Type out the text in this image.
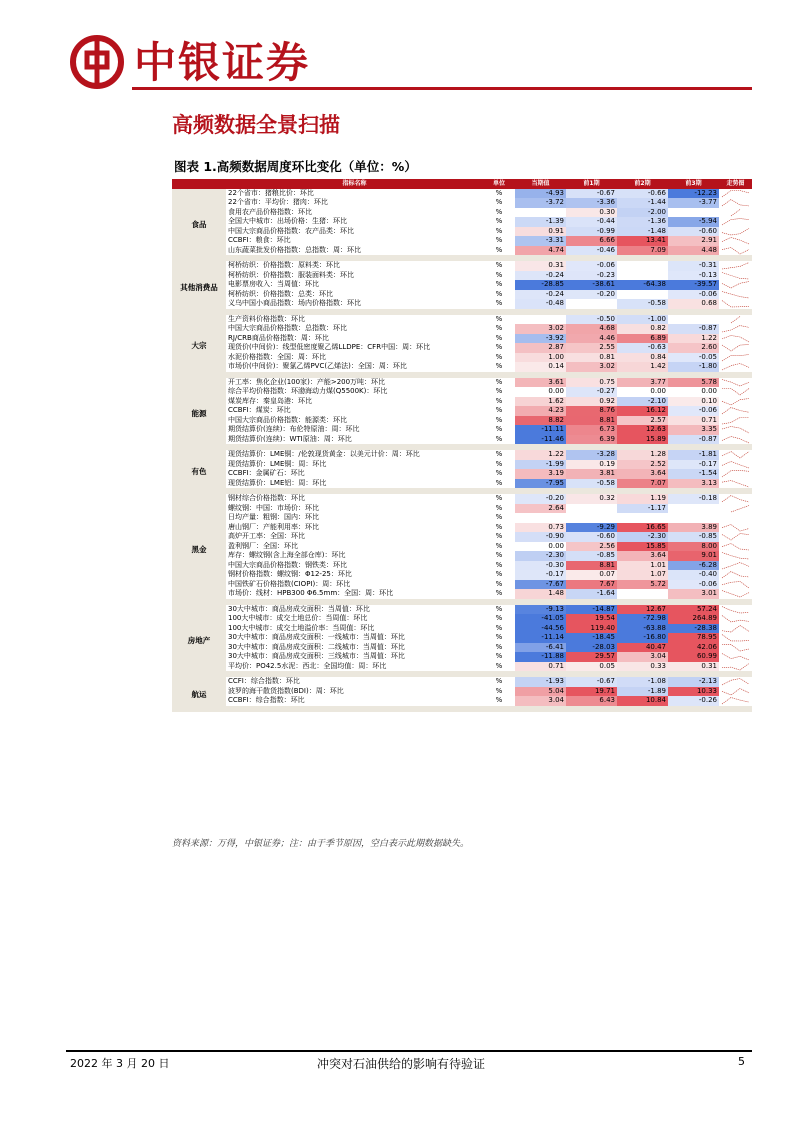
中银证券
高频数据全景扫描
图表 1.高频数据周度环比变化（单位：%）
	指标名称	单位	当期值	前1期	前2期	前3期	走势图
食品	22个省市：猪粮比价：环比	%	-4.93	-0.67	-0.66	-12.23	

	22个省市：平均价：猪肉：环比	%	-3.72	-3.36	-1.44	-3.77	

	食用农产品价格指数：环比	%		0.30	-2.00		

	全国大中城市：出场价格：生猪：环比	%	-1.39	-0.44	-1.36	-5.94	

	中国大宗商品价格指数：农产品类：环比	%	0.91	-0.99	-1.48	-0.60	

	CCBFI：粮食：环比	%	-3.31	6.66	13.41	2.91	

	山东蔬菜批发价格指数：总指数：周：环比	%	4.74	-0.46	7.09	4.48	

其他消费品	柯桥纺织：价格指数：原料类：环比	%	0.31	-0.06		-0.31	

	柯桥纺织：价格指数：服装面料类：环比	%	-0.24	-0.23		-0.13	

	电影票房收入：当周值：环比	%	-28.85	-38.61	-64.38	-39.57	

	柯桥纺织：价格指数：总类：环比	%	-0.24	-0.20		-0.06	

	义乌中国小商品指数：场内价格指数：环比	%	-0.48		-0.58	0.68	

大宗	生产资料价格指数：环比	%		-0.50	-1.00		

	中国大宗商品价格指数：总指数：环比	%	3.02	4.68	0.82	-0.87	

	RJ/CRB商品价格指数：周：环比	%	-3.92	4.46	6.89	1.22	

	现货价(中间价)：线型低密度聚乙烯LLDPE：CFR中国：周：环比	%	2.87	2.55	-0.63	2.60	

	水泥价格指数：全国：周：环比	%	1.00	0.81	0.84	-0.05	

	市场价(中间价)：聚氯乙烯PVC(乙烯法)：全国：周：环比	%	0.14	3.02	1.42	-1.80	

能源	开工率：焦化企业(100家)：产能>200万吨：环比	%	3.61	0.75	3.77	5.78	

	综合平均价格指数：环渤海动力煤(Q5500K)：环比	%	0.00	-0.27	0.00	0.00	

	煤炭库存：秦皇岛港：环比	%	1.62	0.92	-2.10	0.10	

	CCBFI：煤炭：环比	%	4.23	8.76	16.12	-0.06	

	中国大宗商品价格指数：能源类：环比	%	8.82	8.81	2.57	0.71	

	期货结算价(连续)：布伦特原油：周：环比	%	-11.11	6.73	12.63	3.35	

	期货结算价(连续)：WTI原油：周：环比	%	-11.46	6.39	15.89	-0.87	

有色	现货结算价：LME铜：/伦敦现货黄金：以美元计价：周：环比	%	1.22	-3.28	1.28	-1.81	

	现货结算价：LME铜：周：环比	%	-1.99	0.19	2.52	-0.17	

	CCBFI：金属矿石：环比	%	3.19	3.81	3.64	-1.54	

	现货结算价：LME铝：周：环比	%	-7.95	-0.58	7.07	3.13	

黑金	钢材综合价格指数：环比	%	-0.20	0.32	1.19	-0.18	

	螺纹钢：中国：市场价：环比	%	2.64		-1.17		

	日均产量：粗钢：国内：环比	%					

	唐山钢厂：产能利用率：环比	%	0.73	-9.29	16.65	3.89	

	高炉开工率：全国：环比	%	-0.90	-0.60	-2.30	-0.85	

	盈利钢厂：全国：环比	%	0.00	2.56	15.85	8.00	

	库存：螺纹钢(含上海全部仓库)：环比	%	-2.30	-0.85	3.64	9.01	

	中国大宗商品价格指数：钢铁类：环比	%	-0.30	8.81	1.01	-6.28	

	钢材价格指数：螺纹钢：Φ12-25：环比	%	-0.17	0.07	1.07	-0.40	

	中国铁矿石价格指数(CIOPI)：周：环比	%	-7.67	7.67	5.72	-0.06	

	市场价：线材：HPB300 Φ6.5mm：全国：周：环比	%	1.48	-1.64		3.01	

房地产	30大中城市：商品房成交面积：当周值：环比	%	-9.13	-14.87	12.67	57.24	

	100大中城市：成交土地总价：当周值：环比	%	-41.05	19.54	-72.98	264.89	

	100大中城市：成交土地溢价率：当周值：环比	%	-44.56	119.40	-63.88	-28.38	

	30大中城市：商品房成交面积：一线城市：当周值：环比	%	-11.14	-18.45	-16.80	78.95	

	30大中城市：商品房成交面积：二线城市：当周值：环比	%	-6.41	-28.03	40.47	42.06	

	30大中城市：商品房成交面积：三线城市：当周值：环比	%	-11.88	29.57	3.04	60.99	

	平均价：PO42.5水泥：西北：全国均值：周：环比	%	0.71	0.05	0.33	0.31	

航运	CCFI：综合指数：环比	%	-1.93	-0.67	-1.08	-2.13	

	波罗的海干散货指数(BDI)：周：环比	%	5.04	19.71	-1.89	10.33	

	CCBFI：综合指数：环比	%	3.04	6.43	10.84	-0.26	

资料来源：万得，中银证券；注：由于季节原因，空白表示此期数据缺失。
2022 年 3 月 20 日	冲突对石油供给的影响有待验证	5
